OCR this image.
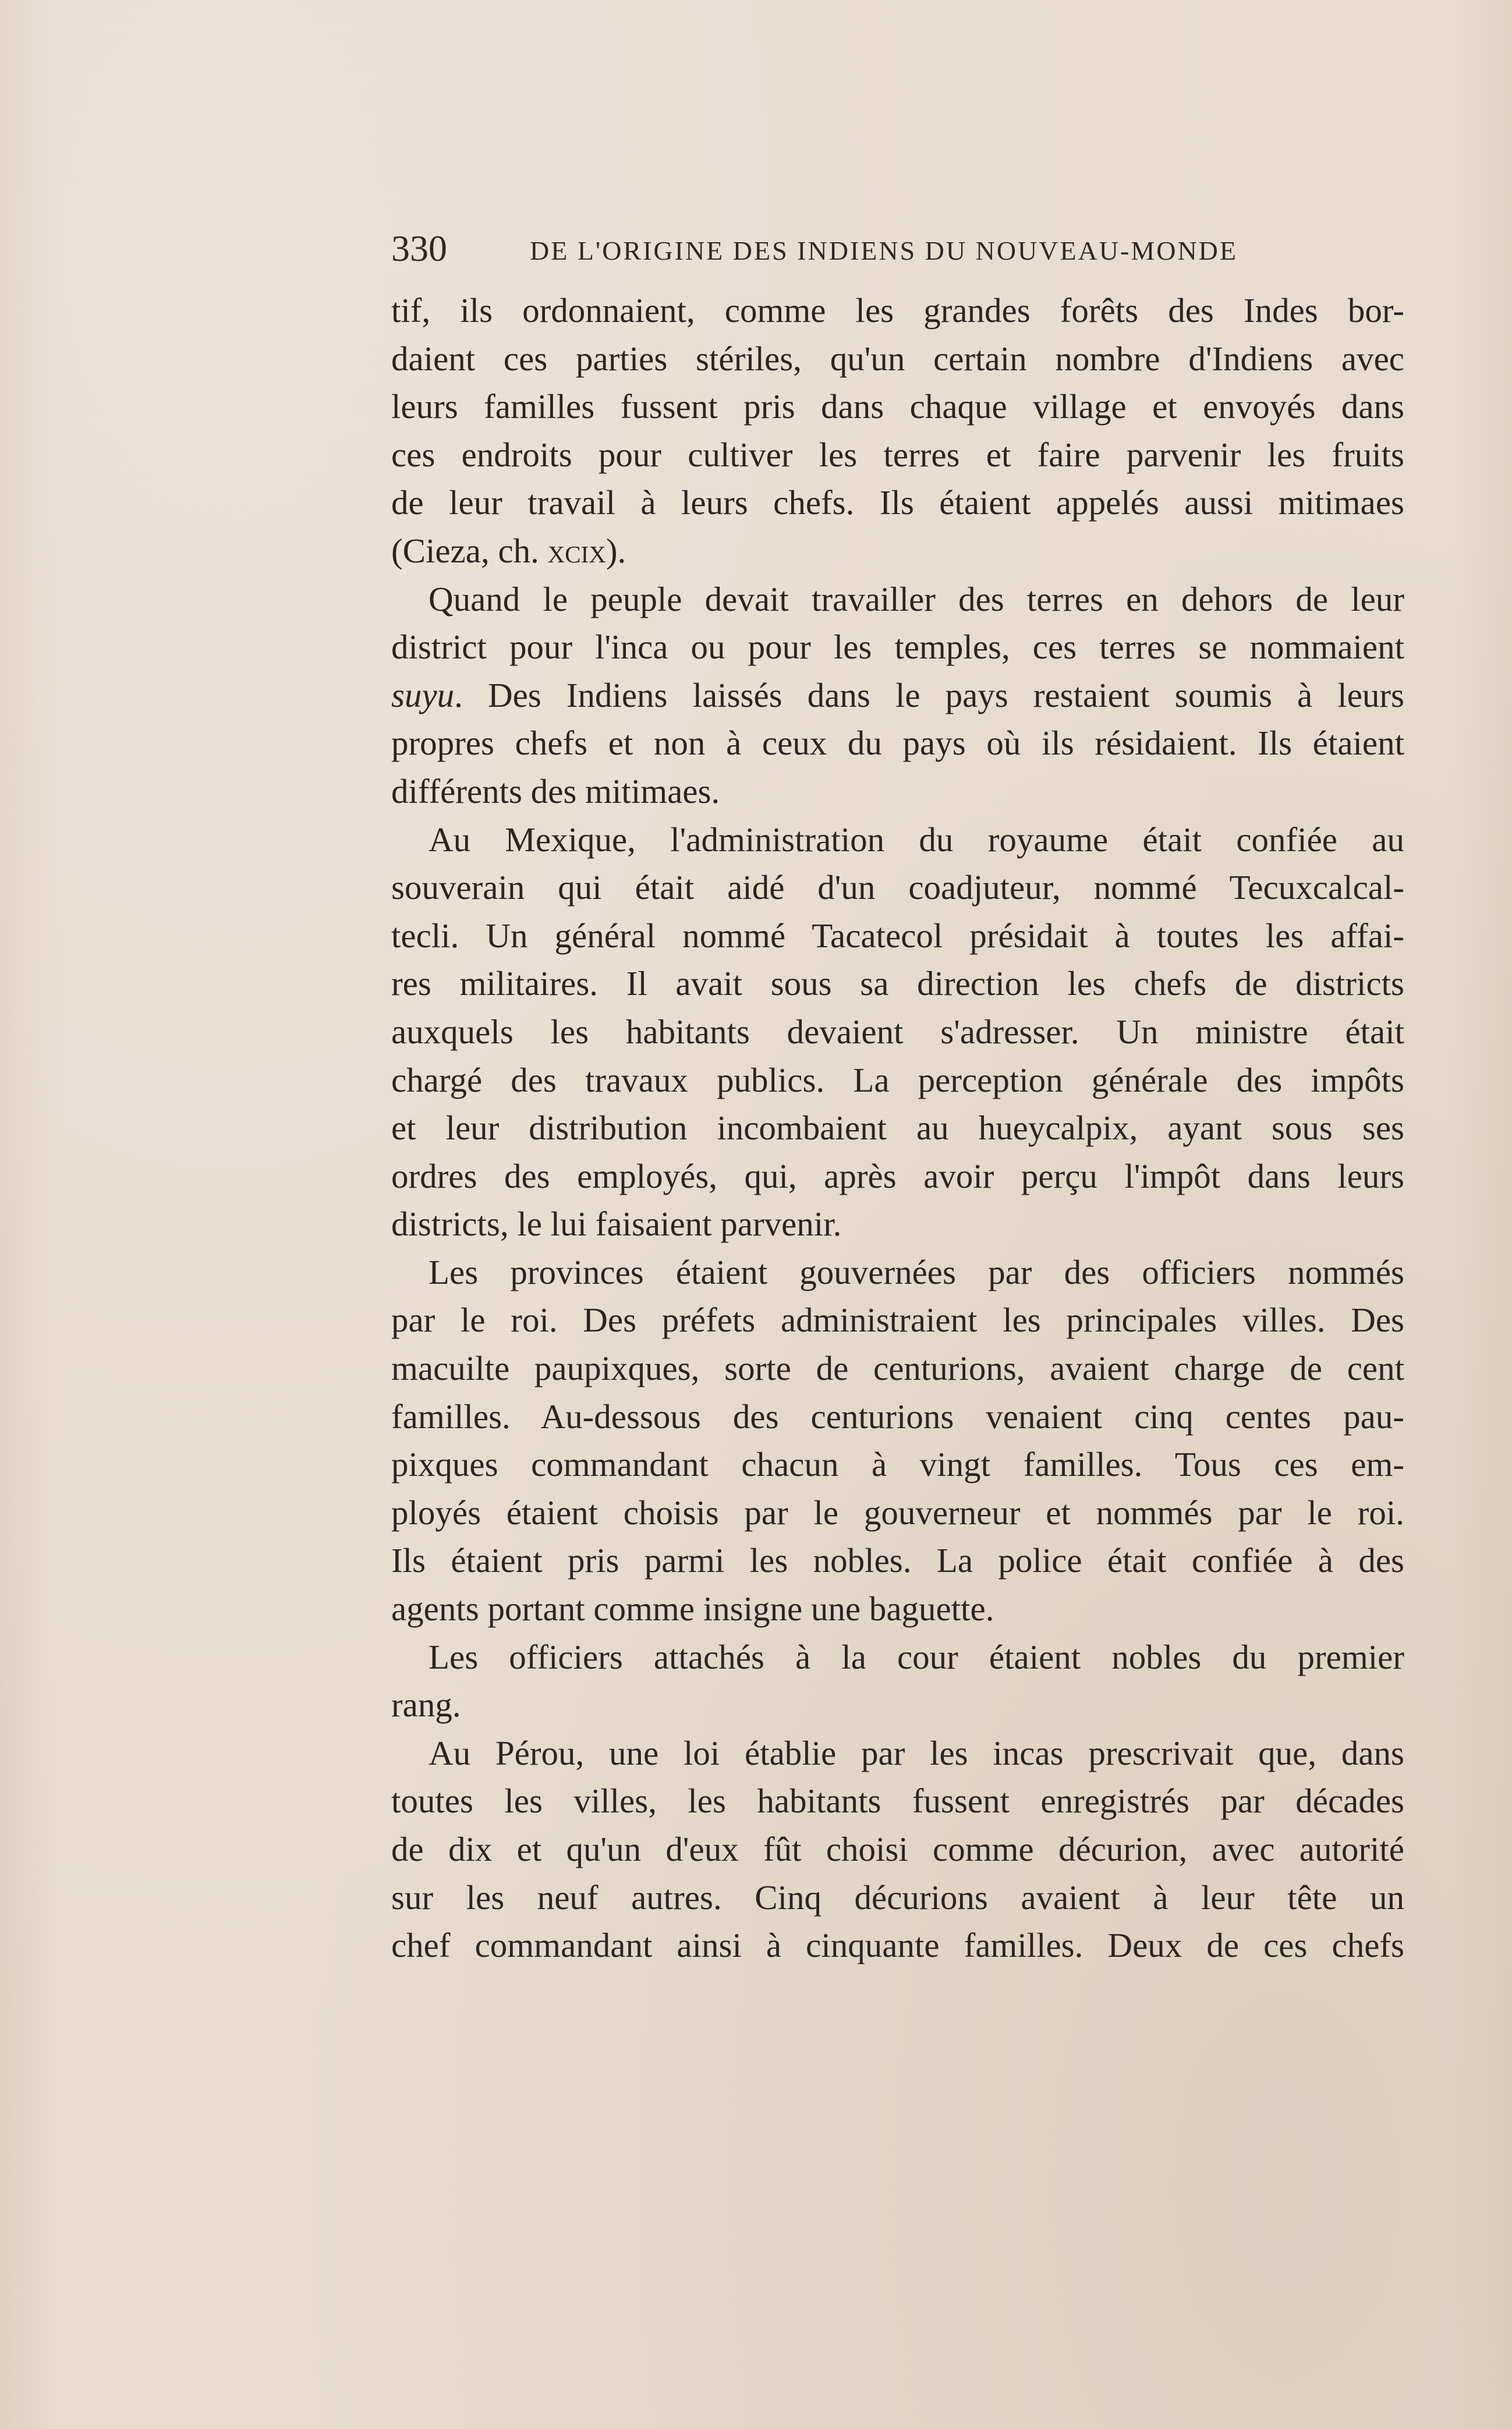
330	DE L'ORIGINE DES INDIENS DU NOUVEAU-MONDE
tif, ils ordonnaient, comme les grandes forêts des Indes bor-
daient ces parties stériles, qu'un certain nombre d'Indiens avec
leurs familles fussent pris dans chaque village et envoyés dans
ces endroits pour cultiver les terres et faire parvenir les fruits
de leur travail à leurs chefs. Ils étaient appelés aussi mitimaes
(Cieza, ch. xcix).
Quand le peuple devait travailler des terres en dehors de leur
district pour l'inca ou pour les temples, ces terres se nommaient
suyu. Des Indiens laissés dans le pays restaient soumis à leurs
propres chefs et non à ceux du pays où ils résidaient. Ils étaient
différents des mitimaes.
Au Mexique, l'administration du royaume était confiée au
souverain qui était aidé d'un coadjuteur, nommé Tecuxcalcal-
tecli. Un général nommé Tacatecol présidait à toutes les affai-
res militaires. Il avait sous sa direction les chefs de districts
auxquels les habitants devaient s'adresser. Un ministre était
chargé des travaux publics. La perception générale des impôts
et leur distribution incombaient au hueycalpix, ayant sous ses
ordres des employés, qui, après avoir perçu l'impôt dans leurs
districts, le lui faisaient parvenir.
Les provinces étaient gouvernées par des officiers nommés
par le roi. Des préfets administraient les principales villes. Des
macuilte paupixques, sorte de centurions, avaient charge de cent
familles. Au-dessous des centurions venaient cinq centes pau-
pixques commandant chacun à vingt familles. Tous ces em-
ployés étaient choisis par le gouverneur et nommés par le roi.
Ils étaient pris parmi les nobles. La police était confiée à des
agents portant comme insigne une baguette.
Les officiers attachés à la cour étaient nobles du premier
rang.
Au Pérou, une loi établie par les incas prescrivait que, dans
toutes les villes, les habitants fussent enregistrés par décades
de dix et qu'un d'eux fût choisi comme décurion, avec autorité
sur les neuf autres. Cinq décurions avaient à leur tête un
chef commandant ainsi à cinquante familles. Deux de ces chefs
